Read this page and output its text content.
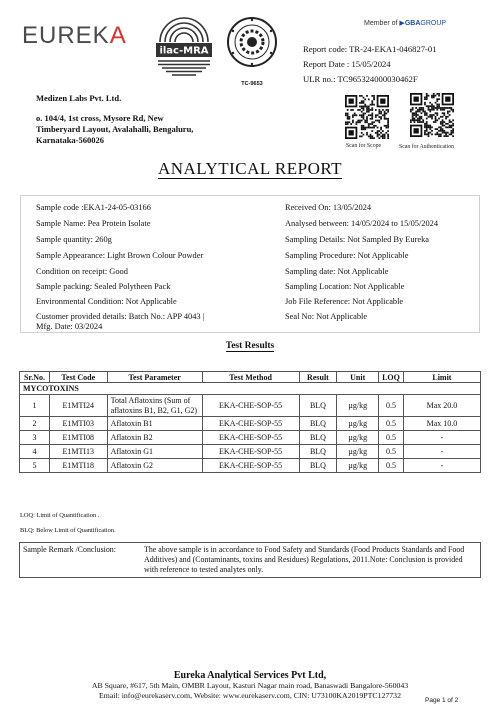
EUREKA
ilac-MRA
TC-9653
Member of ▶GBAGROUP
Report code: TR-24-EKA1-046827-01
Report Date : 15/05/2024
ULR no.: TC965324000030462F
Medizen Labs Pvt. Ltd.
o. 104/4, 1st cross, Mysore Rd, New
Timberyard Layout, Avalahalli, Bengaluru,
Karnataka-560026
Scan for Scope	Scan for Authentication
ANALYTICAL REPORT
Sample code :EKA1-24-05-03166
Sample Name: Pea Protein Isolate
Sample quantity: 260g
Sample Appearance: Light Brown Colour Powder
Condition on receipt: Good
Sample packing: Sealed Polytheen Pack
Environmental Condition: Not Applicable
Customer provided details: Batch No.: APP 4043 | Mfg. Date: 03/2024
Received On: 13/05/2024
Analysed between: 14/05/2024 to 15/05/2024
Sampling Details: Not Sampled By Eureka
Sampling Procedure: Not Applicable
Sampling date: Not Applicable
Sampling Location: Not Applicable
Job File Reference: Not Applicable
Seal No: Not Applicable
Test Results
Sr.No.	Test Code	Test Parameter	Test Method	Result	Unit	LOQ	Limit
MYCOTOXINS							
1	E1MTI24	Total Aflatoxins (Sum of aflatoxins B1, B2, G1, G2)	EKA-CHE-SOP-55	BLQ	µg/kg	0.5	Max 20.0
2	E1MTI03	Aflatoxin B1	EKA-CHE-SOP-55	BLQ	µg/kg	0.5	Max 10.0
3	E1MTI08	Aflatoxin B2	EKA-CHE-SOP-55	BLQ	µg/kg	0.5	-
4	E1MTI13	Aflatoxin G1	EKA-CHE-SOP-55	BLQ	µg/kg	0.5	-
5	E1MTI18	Aflatoxin G2	EKA-CHE-SOP-55	BLQ	µg/kg	0.5	-
LOQ: Limit of Quantification .
BLQ: Below Limit of Quantification.
Sample Remark /Conclusion:	The above sample is in accordance to Food Safety and Standards (Food Products Standards and Food Additives) and (Contaminants, toxins and Residues) Regulations, 2011.Note: Conclusion is provided with reference to tested analytes only.
Eureka Analytical Services Pvt Ltd,
AB Square, #617, 5th Main, OMBR Layout, Kasturi Nagar main road, Banaswadi Bangalore-560043
Email: info@eurekaserv.com, Website: www.eurekaserv.com, CIN: U73100KA2019PTC127732
Page 1 of 2
